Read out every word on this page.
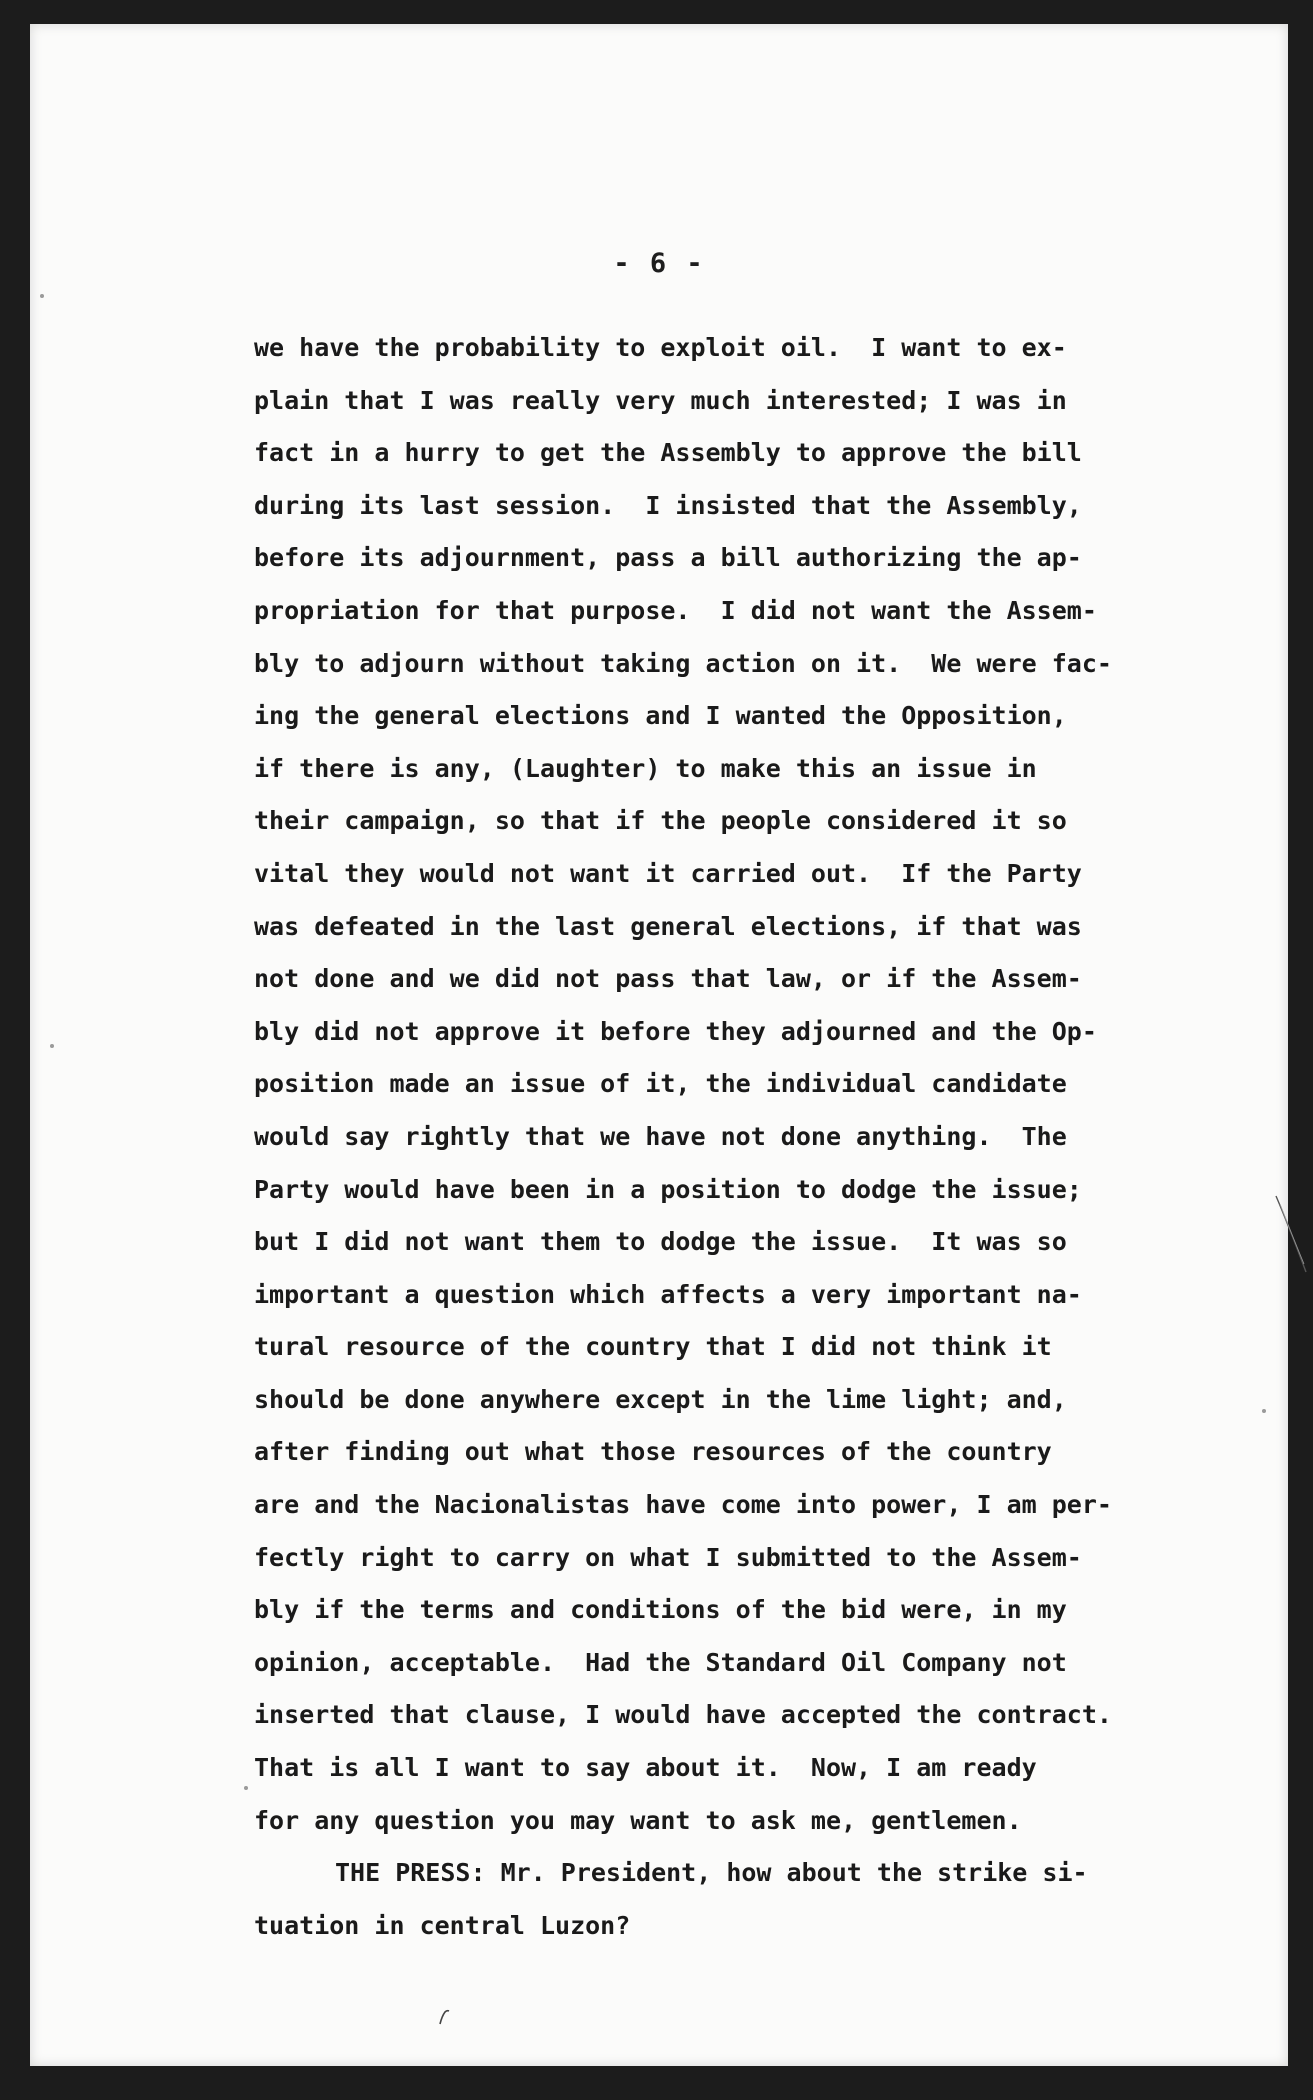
- 6 -
we have the probability to exploit oil.  I want to ex-
plain that I was really very much interested; I was in
fact in a hurry to get the Assembly to approve the bill
during its last session.  I insisted that the Assembly,
before its adjournment, pass a bill authorizing the ap-
propriation for that purpose.  I did not want the Assem-
bly to adjourn without taking action on it.  We were fac-
ing the general elections and I wanted the Opposition,
if there is any, (Laughter) to make this an issue in
their campaign, so that if the people considered it so
vital they would not want it carried out.  If the Party
was defeated in the last general elections, if that was
not done and we did not pass that law, or if the Assem-
bly did not approve it before they adjourned and the Op-
position made an issue of it, the individual candidate
would say rightly that we have not done anything.  The
Party would have been in a position to dodge the issue;
but I did not want them to dodge the issue.  It was so
important a question which affects a very important na-
tural resource of the country that I did not think it
should be done anywhere except in the lime light; and,
after finding out what those resources of the country
are and the Nacionalistas have come into power, I am per-
fectly right to carry on what I submitted to the Assem-
bly if the terms and conditions of the bid were, in my
opinion, acceptable.  Had the Standard Oil Company not
inserted that clause, I would have accepted the contract.
That is all I want to say about it.  Now, I am ready
for any question you may want to ask me, gentlemen.
THE PRESS: Mr. President, how about the strike si-
tuation in central Luzon?
